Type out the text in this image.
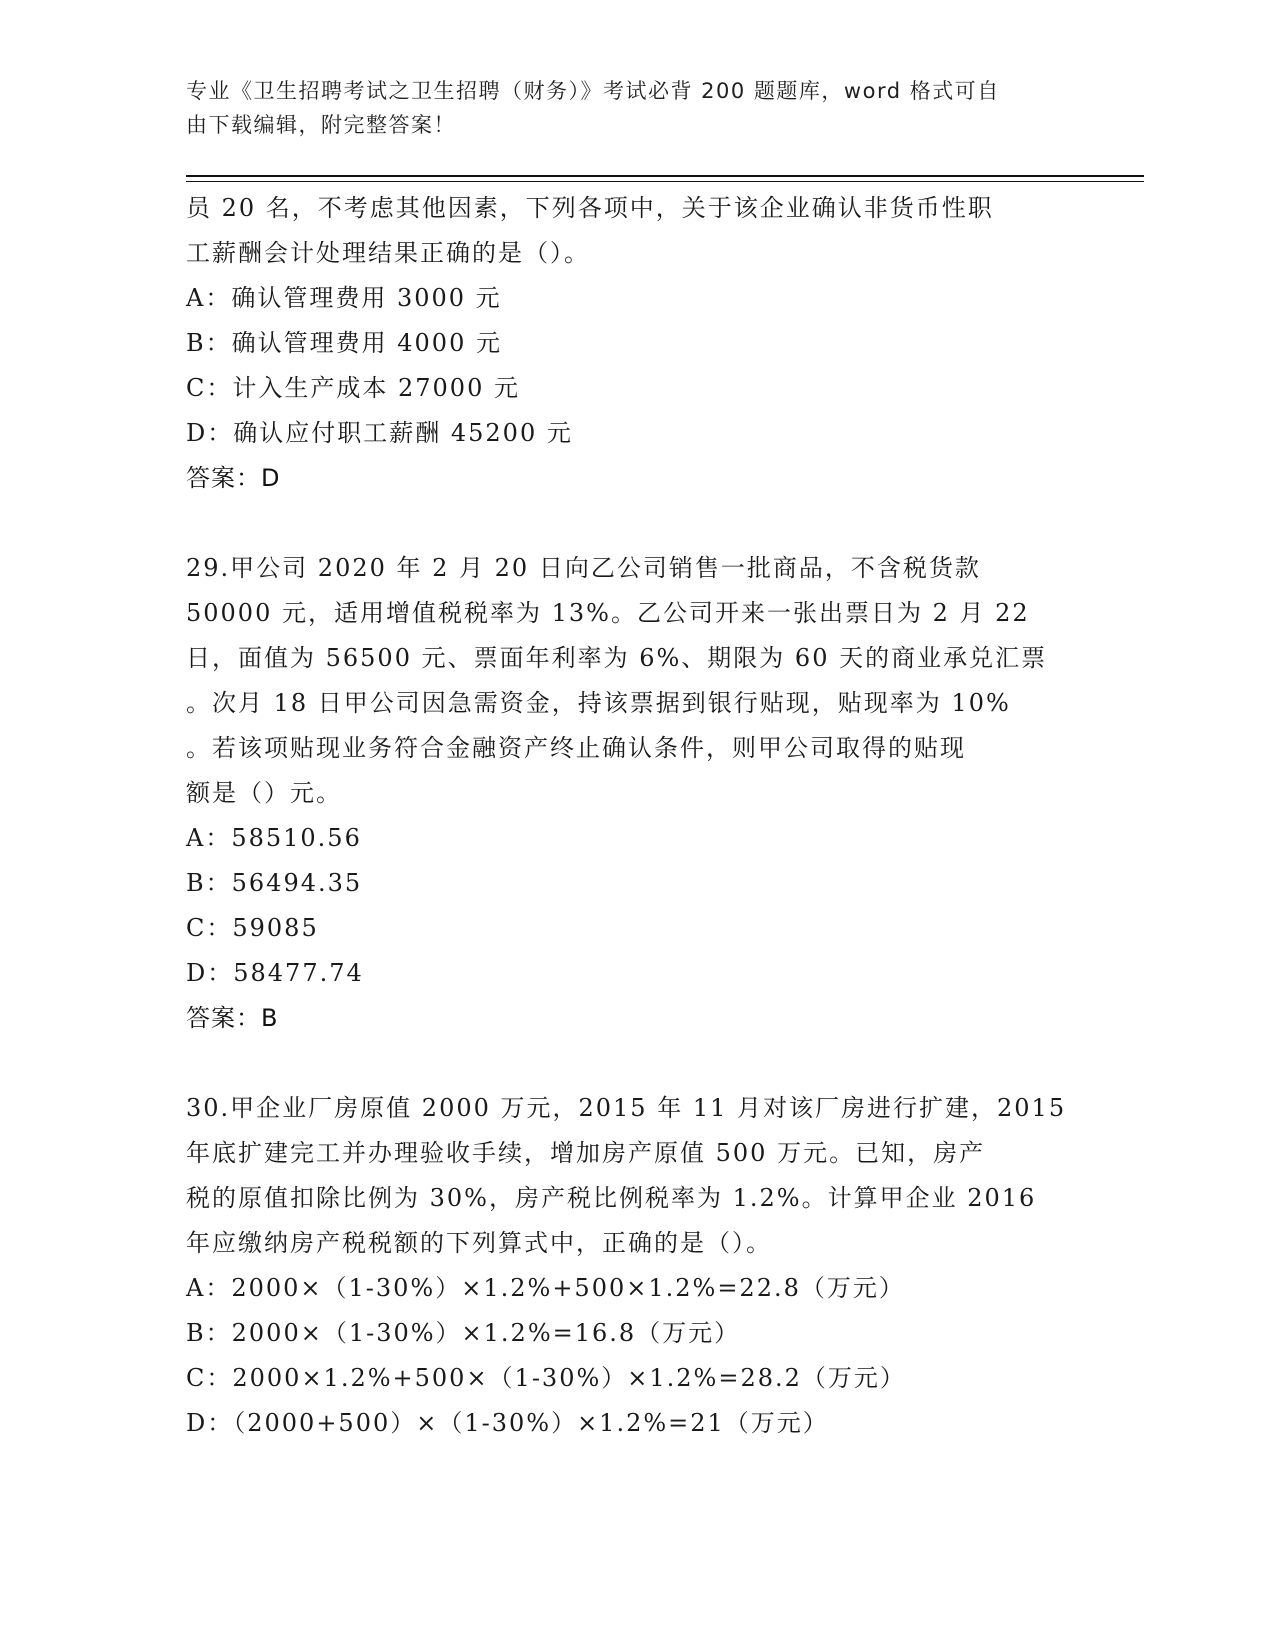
专业《卫生招聘考试之卫生招聘（财务）》考试必背 200 题题库，word 格式可自
由下载编辑，附完整答案！
员 20 名，不考虑其他因素，下列各项中，关于该企业确认非货币性职
工薪酬会计处理结果正确的是（）。
A：确认管理费用 3000 元
B：确认管理费用 4000 元
C：计入生产成本 27000 元
D：确认应付职工薪酬 45200 元
答案：D
29.甲公司 2020 年 2 月 20 日向乙公司销售一批商品，不含税货款
50000 元，适用增值税税率为 13%。乙公司开来一张出票日为 2 月 22
日，面值为 56500 元、票面年利率为 6%、期限为 60 天的商业承兑汇票
。次月 18 日甲公司因急需资金，持该票据到银行贴现，贴现率为 10%
。若该项贴现业务符合金融资产终止确认条件，则甲公司取得的贴现
额是（）元。
A：58510.56
B：56494.35
C：59085
D：58477.74
答案：B
30.甲企业厂房原值 2000 万元，2015 年 11 月对该厂房进行扩建，2015
年底扩建完工并办理验收手续，增加房产原值 500 万元。已知，房产
税的原值扣除比例为 30%，房产税比例税率为 1.2%。计算甲企业 2016
年应缴纳房产税税额的下列算式中，正确的是（）。
A：2000×（1-30%）×1.2%+500×1.2%=22.8（万元）
B：2000×（1-30%）×1.2%=16.8（万元）
C：2000×1.2%+500×（1-30%）×1.2%=28.2（万元）
D：（2000+500）×（1-30%）×1.2%=21（万元）
